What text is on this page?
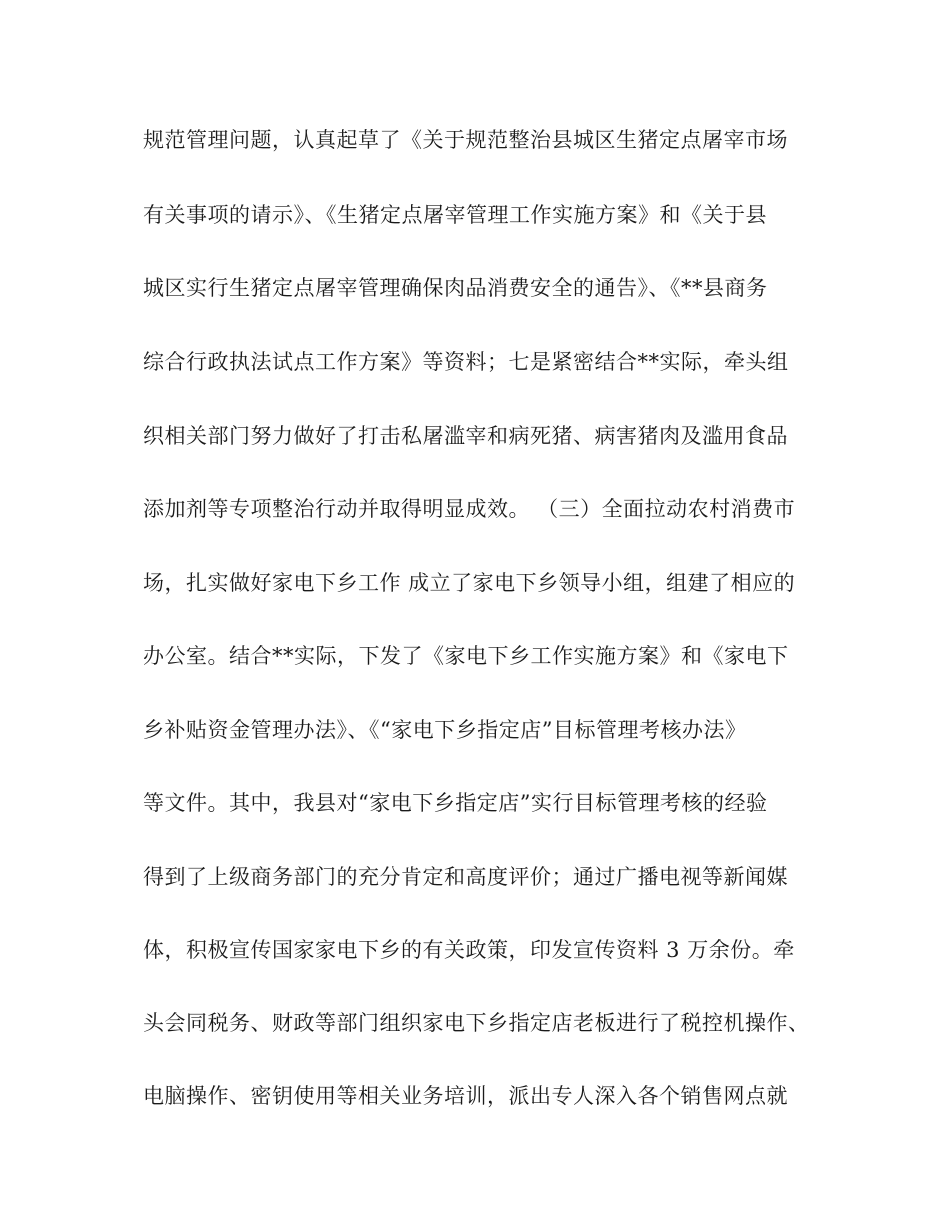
规范管理问题，认真起草了《关于规范整治县城区生猪定点屠宰市场
有关事项的请示》、《生猪定点屠宰管理工作实施方案》和《关于县
城区实行生猪定点屠宰管理确保肉品消费安全的通告》、《**县商务
综合行政执法试点工作方案》等资料；七是紧密结合**实际，牵头组
织相关部门努力做好了打击私屠滥宰和病死猪、病害猪肉及滥用食品
添加剂等专项整治行动并取得明显成效。 （三）全面拉动农村消费市
场，扎实做好家电下乡工作 成立了家电下乡领导小组，组建了相应的
办公室。结合**实际，下发了《家电下乡工作实施方案》和《家电下
乡补贴资金管理办法》、《“家电下乡指定店”目标管理考核办法》
等文件。其中，我县对“家电下乡指定店”实行目标管理考核的经验
得到了上级商务部门的充分肯定和高度评价；通过广播电视等新闻媒
体，积极宣传国家家电下乡的有关政策，印发宣传资料 3 万余份。牵
头会同税务、财政等部门组织家电下乡指定店老板进行了税控机操作、
电脑操作、密钥使用等相关业务培训，派出专人深入各个销售网点就
